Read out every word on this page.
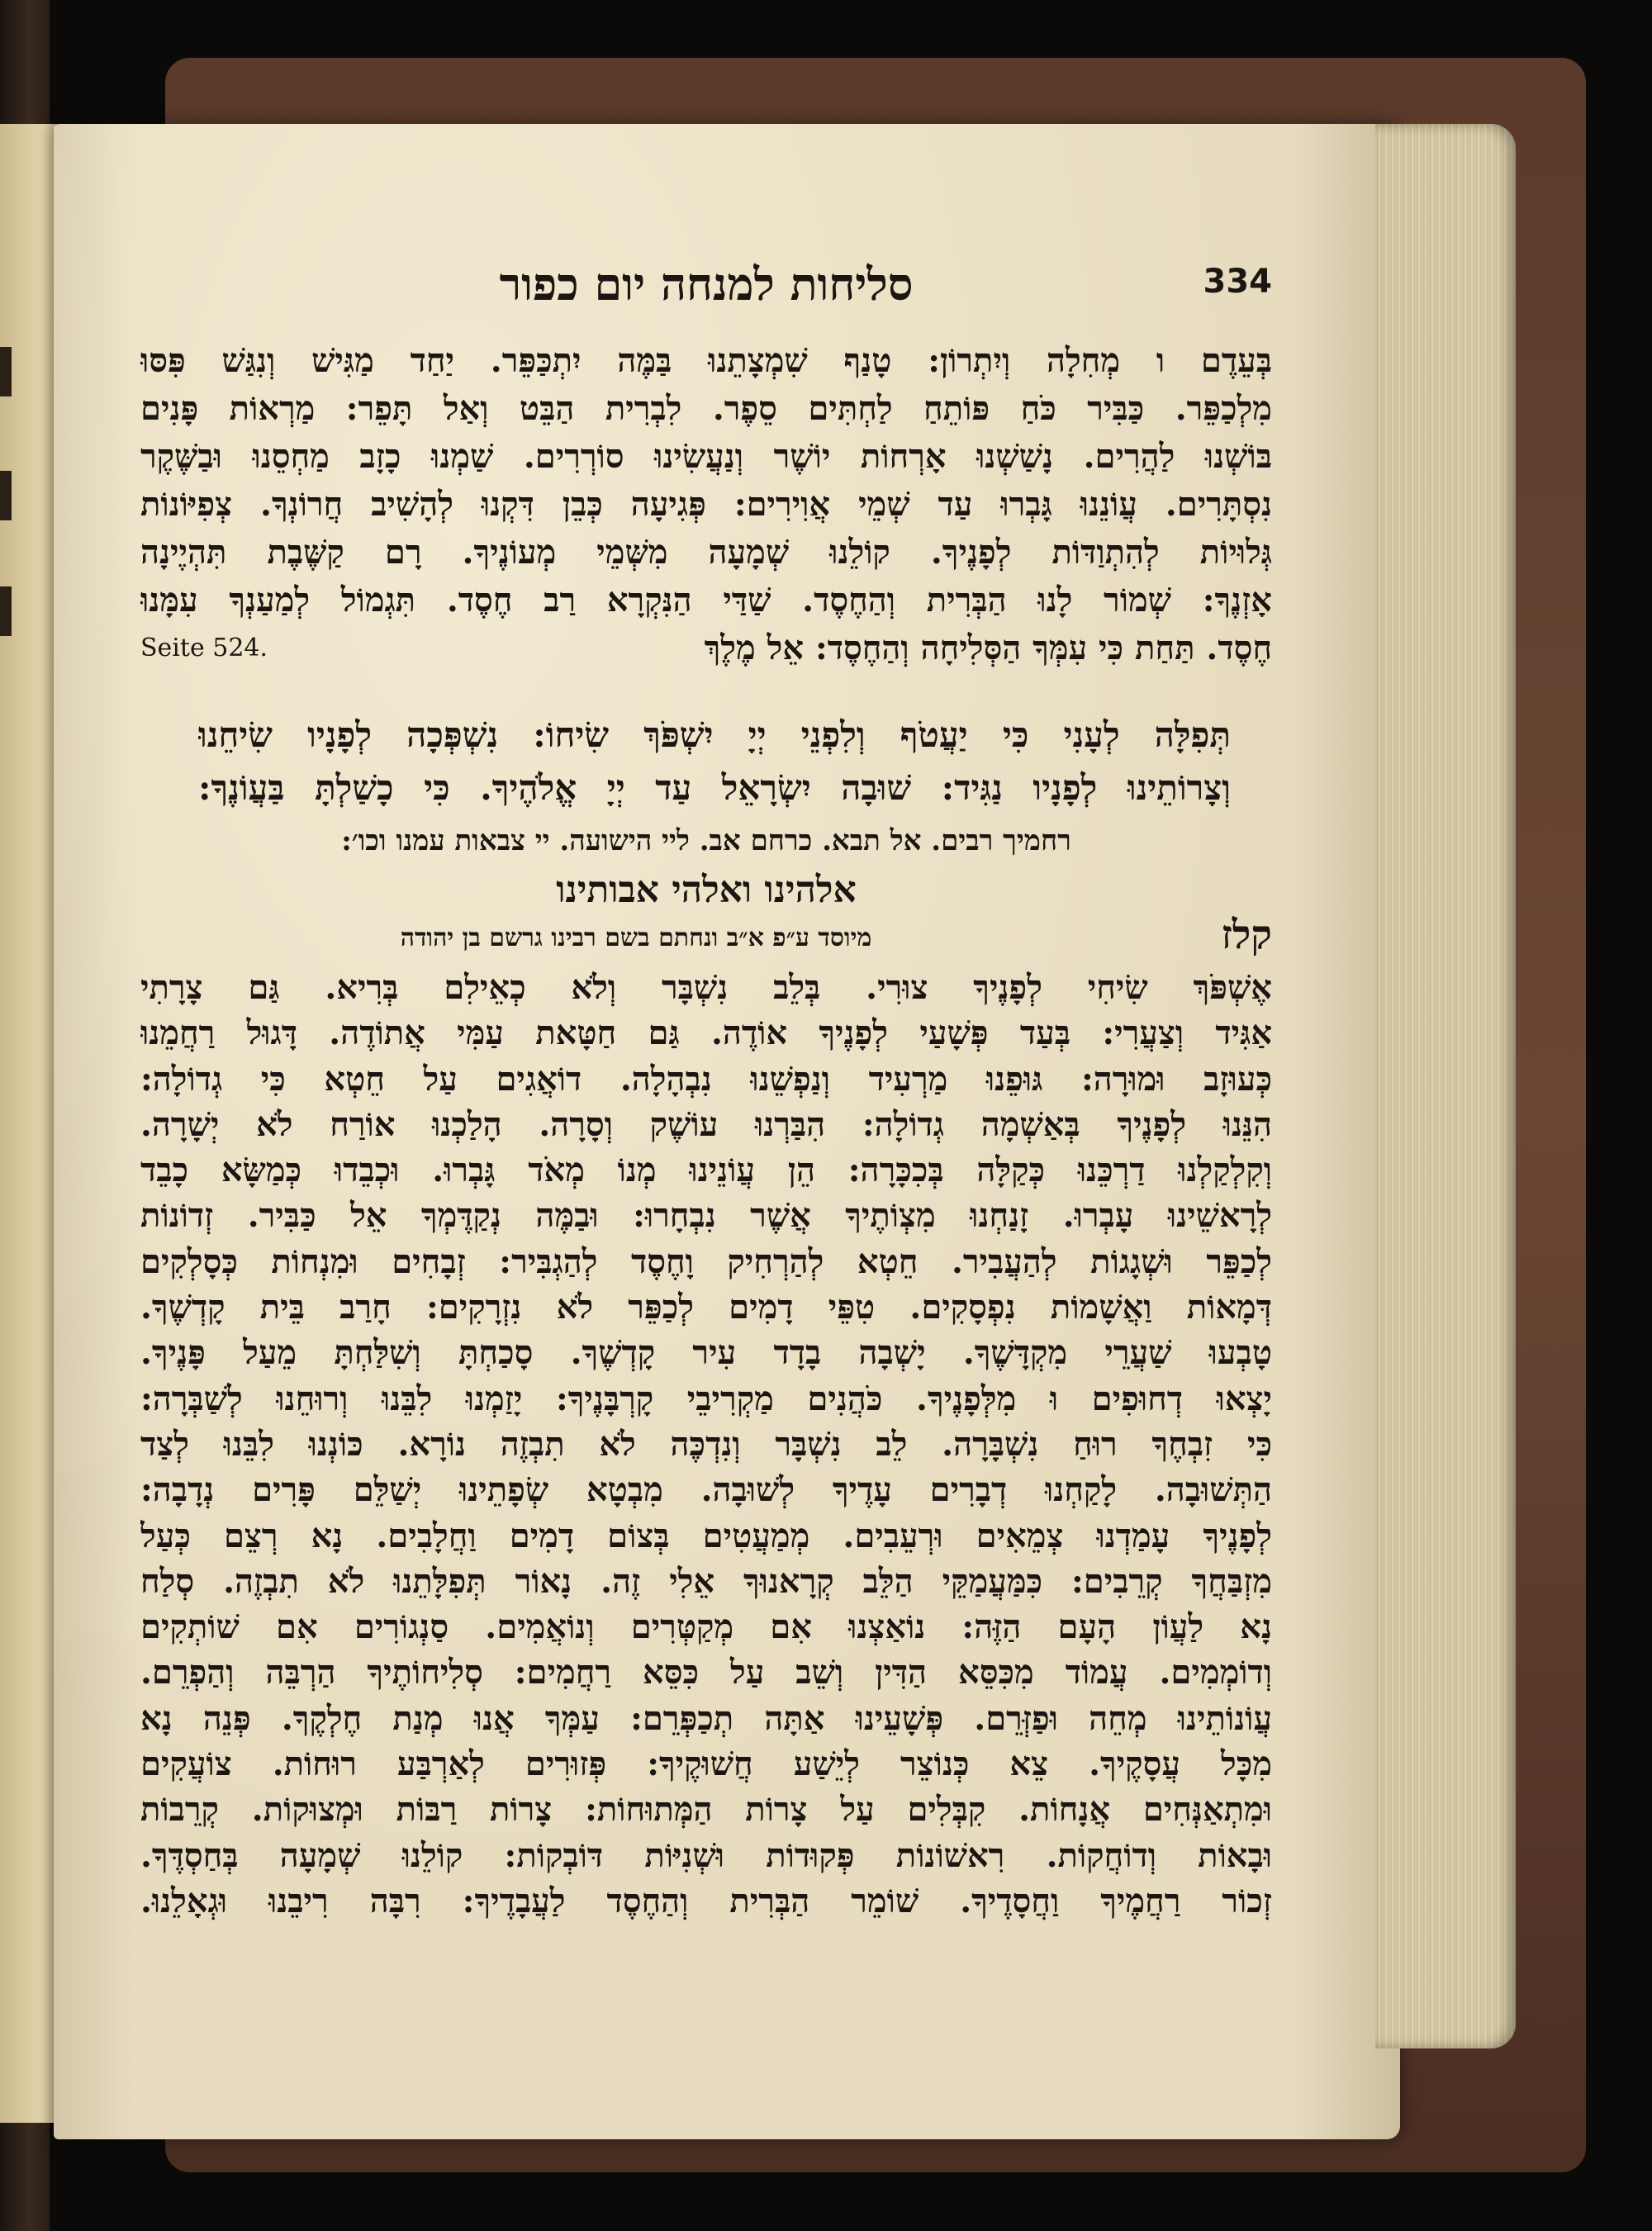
334
סליחות למנחה יום כפור
בְּעֵדֶם ו מְחִלָה וְיִתְרוֹן: טָנַף שִׁמְצָתֵנוּ בַּמֶּה יִתְכַּפֵּר. יַחַד מַגִּישׁ וְנִגַּשׁ פִּסּוּ
מִלְכַפֵּר. כַּבִּיר כֹּחַ פּוֹתֵחַ לַחְתִּים סֵפֶר. לִבְרִית הַבֵּט וְאַל תָּפֵר: מַרְאוֹת פָּנִים
בּוֹשְׁנוּ לַהֲרִים. נָשַׁשְׁנוּ אָרְחוֹת יוֹשֶׁר וְנַעֲשִׂינוּ סוֹרְרִים. שַׁמְנוּ כָזָב מַחְסֵנוּ וּבַשֶּׁקֶר
נִסְתָּרִים. עֲוֹנֵנוּ גָּבְרוּ עַד שְׁמֵי אֲוִירִים: פְּגִיעָה כְּבֵן דִּקְנוּ לְהָשִׁיב חֲרוֹנְךָ. צְפִיּוֹנוֹת
גְּלוּיוֹת לְהִתְוַדּוֹת לְפָנֶיךָ. קוֹלֵנוּ שְׁמָעָה מִשְּׁמֵי מְעוֹנֶיךָ. רָם קַשֶּׁבֶת תִּהְיֶינָה
אָזְנֶךָ: שְׁמוֹר לָנוּ הַבְּרִית וְהַחֶסֶד. שַׁדַּי הַנִּקְרָא רַב חֶסֶד. תִּגְמוֹל לְמַעַנְךָ עִמָּנוּ
חֶסֶד. תַּחַת כִּי עִמְּךָ הַסְּלִיחָה וְהַחֶסֶד: אֵל מֶלֶךְ
Seite 524.
תְּפִלָּה לְעָנִי כִּי יַעֲטֹף וְלִפְנֵי יְיָ יִשְׁפֹּךְ שִׂיחוֹ: נִשְׁפְּכָה לְפָנָיו שִׂיחֵנוּ
וְצָרוֹתֵינוּ לְפָנָיו נַגִּיד: שׁוּבָה יִשְׂרָאֵל עַד יְיָ אֱלֹהֶיךָ. כִּי כָשַׁלְתָּ בַּעֲוֹנֶךָ:
רחמיך רבים. אל תבא. כרחם אב. ליי הישועה. יי צבאות עמנו וכו׳:
אלהינו ואלהי אבותינו
קלז
מיוסד ע״פ א״ב ונחתם בשם רבינו גרשם בן יהודה
אֶשְׁפֹּךְ שִׂיחִי לְפָנֶיךָ צוּרִי. בְּלֵב נִשְׁבָּר וְלֹא כְאֵילִם בְּרִיא. גַּם צָרָתִי
אַגִּיד וְצַעֲרִי: בְּעַד פְּשָׁעַי לְפָנֶיךָ אוֹדֶה. גַּם חַטָּאת עַמִּי אֲתוֹדֶה. דָּגוּל רַחֲמֵנוּ
כְּעוּזָב וּמוּרָה: גּוּפֵנוּ מַרְעִיד וְנַפְשֵׁנוּ נִבְהָלָה. דוֹאֲגִים עַל חֵטְא כִּי גְדוֹלָה:
הִנֵּנוּ לְפָנֶיךָ בְּאַשְׁמָה גְדוֹלָה: הִבַּרְנוּ עוֹשֶׁק וְסָרָה. הָלַכְנוּ אוֹרַח לֹא יְשָׁרָה.
וְקִלְקַלְנוּ דַרְכֵּנוּ כְּקַלָּה בְּכִכָּרָה: הֵן עֲוֹנֵינוּ מְנוֹ מְאֹד גָּבְרוּ. וּכְבֵדוּ כְּמַשָּׂא כָבֵד
לְרָאשֵׁינוּ עָבְרוּ. זָנַחְנוּ מִצְוֹתֶיךָ אֲשֶׁר נִבְחָרוּ: וּבַמֶּה נְקַדֶּמְךָ אֵל כַּבִּיר. זְדוֹנוֹת
לְכַפֵּר וּשְׁגָגוֹת לְהַעֲבִיר. חֵטְא לְהַרְחִיק וָחֶסֶד לְהַגְבִּיר: זְבָחִים וּמִנְחוֹת כְּסָלְקִים
דְּמָאוֹת וַאֲשָׁמוֹת נִפְסָקִים. טִפֵּי דָמִים לְכַפֵּר לֹא נִזְרָקִים: חָרַב בֵּית קָדְשֶׁךָ.
טָבְעוּ שַׁעֲרֵי מִקְדָּשֶׁךָ. יָשְׁבָה בָדָד עִיר קָדְשֶׁךָ. סָכַחְתָּ וְשִׁלַּחְתָּ מֵעַל פָּנֶיךָ.
יָצְאוּ דְחוּפִים וּ מִלְּפָנֶיךָ. כֹּהֲנִים מַקְרִיבֵי קָרְבָּנֶיךָ: יָזַמְנוּ לִבֵּנוּ וְרוּחֵנוּ לְשַׁבְּרָה:
כִּי זִבְחֶךָ רוּחַ נִשְׁבָּרָה. לֵב נִשְׁבָּר וְנִדְכֶּה לֹא תִבְזֶה נוֹרָא. כּוֹנְנוּ לִבֵּנוּ לְצַד
הַתְּשׁוּבָה. לָקַחְנוּ דְבָרִים עָדֶיךָ לְשׁוּבָה. מִבְטָא שְׂפָתֵינוּ יְשַׁלֵּם פָּרִים נְדָבָה:
לְפָנֶיךָ עָמַדְנוּ צְמֵאִים וּרְעֵבִים. מְמַעֲטִים בְּצוֹם דָמִים וַחֲלָבִים. נָא רְצֵם כְּעַל
מִזְבַּחֲךָ קְרֵבִים: כִּמַּעֲמַקֵּי הַלֵּב קְרָאנוּךָ אֵלִי זֶה. נָאוֹר תְּפִלָּתֵנוּ לֹא תִבְזֶה. סְלַח
נָא לַעֲוֹן הָעָם הַזֶּה: נוֹאַצְנוּ אִם מְקַטְּרִים וְנוֹאֲמִים. סַנְגוֹרִים אִם שׁוֹתְקִים
וְדוֹמְמִים. עֲמוֹד מִכִּסֵּא הַדִּין וְשֵׁב עַל כִּסֵּא רַחֲמִים: סְלִיחוֹתֶיךָ הַרְבֵּה וְהַפְרֵם.
עֲוֹנוֹתֵינוּ מְחֵה וּפַזְּרֵם. פְּשָׁעֵינוּ אַתָּה תְכַפְּרֵם: עַמְּךָ אֲנוּ מְנַת חֶלְקֶךָ. פְּנֵה נָא
מִכָּל עֲסָקֶיךָ. צֵא כְּנוֹצֵר לְיֵשַׁע חֲשׁוּקֶיךָ: פְּזוּרִים לְאַרְבַּע רוּחוֹת. צוֹעֲקִים
וּמִתְאַנְּחִים אֲנָחוֹת. קִבְּלִים עַל צָרוֹת הַמְּתוּחוֹת: צָרוֹת רַבּוֹת וּמְצוּקוֹת. קְרֵבוֹת
וּבָאוֹת וְדוֹחֲקוֹת. רִאשׁוֹנוֹת פְּקוּדוֹת וּשְׁנִיּוֹת דּוֹבְקוֹת: קוֹלֵנוּ שְׁמָעָה בְּחַסְדֶּךָ.
זְכוֹר רַחֲמֶיךָ וַחֲסָדֶיךָ. שׁוֹמֵר הַבְּרִית וְהַחֶסֶד לַעֲבָדֶיךָ: רִבָּה רִיבֵנוּ וּגְאָלֵנוּ.
